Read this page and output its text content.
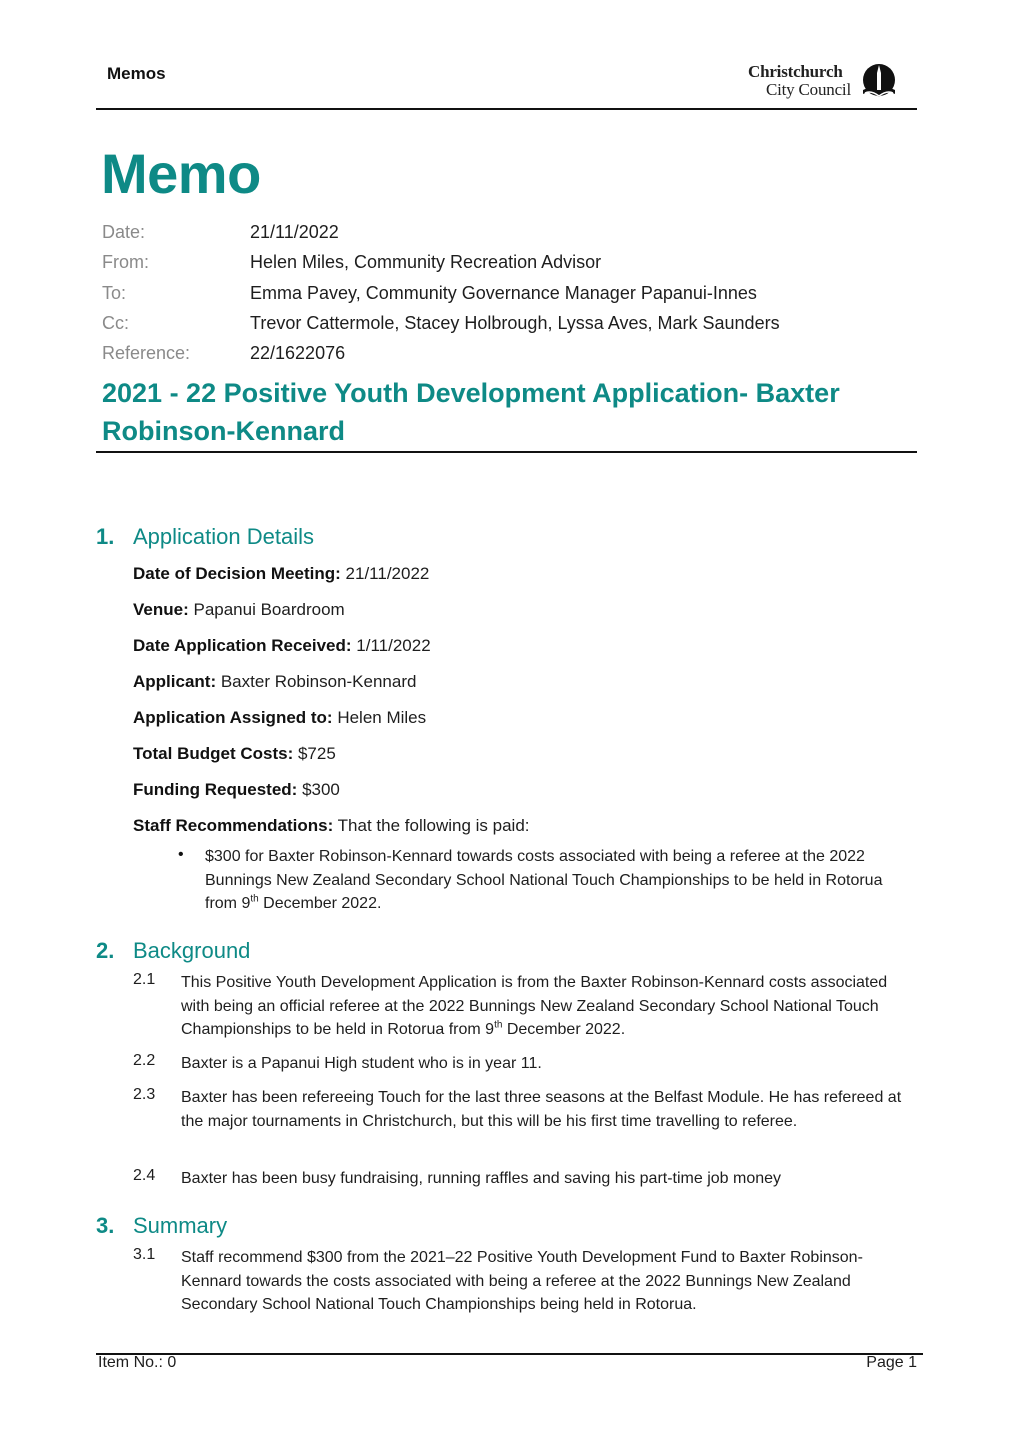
Memos	Christchurch
City Council
Memo
Date:	21/11/2022
From:	Helen Miles, Community Recreation Advisor
To:	Emma Pavey, Community Governance Manager Papanui-Innes
Cc:	Trevor Cattermole, Stacey Holbrough, Lyssa Aves, Mark Saunders
Reference:	22/1622076
2021 - 22 Positive Youth Development Application- Baxter Robinson-Kennard
1. Application Details
Date of Decision Meeting: 21/11/2022
Venue: Papanui Boardroom
Date Application Received: 1/11/2022
Applicant: Baxter Robinson-Kennard
Application Assigned to: Helen Miles
Total Budget Costs: $725
Funding Requested: $300
Staff Recommendations: That the following is paid:
• $300 for Baxter Robinson-Kennard towards costs associated with being a referee at the 2022 Bunnings New Zealand Secondary School National Touch Championships to be held in Rotorua from 9th December 2022.
2. Background
2.1 This Positive Youth Development Application is from the Baxter Robinson-Kennard costs associated with being an official referee at the 2022 Bunnings New Zealand Secondary School National Touch Championships to be held in Rotorua from 9th December 2022.
2.2 Baxter is a Papanui High student who is in year 11.
2.3 Baxter has been refereeing Touch for the last three seasons at the Belfast Module. He has refereed at the major tournaments in Christchurch, but this will be his first time travelling to referee.
2.4 Baxter has been busy fundraising, running raffles and saving his part-time job money
3. Summary
3.1 Staff recommend $300 from the 2021–22 Positive Youth Development Fund to Baxter Robinson-Kennard towards the costs associated with being a referee at the 2022 Bunnings New Zealand Secondary School National Touch Championships being held in Rotorua.
Item No.: 0	Page 1
